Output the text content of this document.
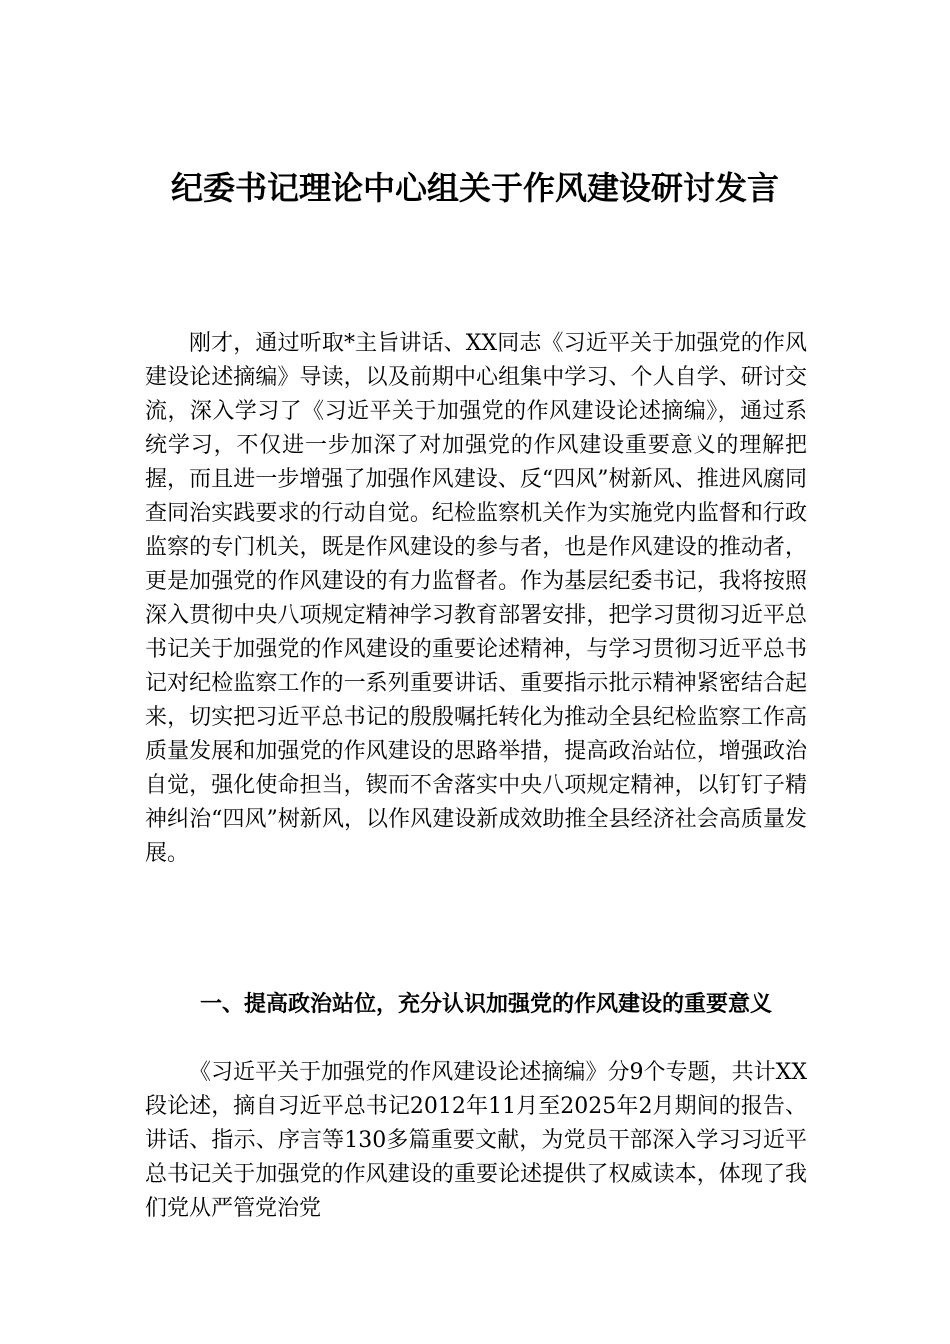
纪委书记理论中心组关于作风建设研讨发言

刚才，通过听取*主旨讲话、XX同志《习近平关于加强党的作风建设论述摘编》导读，以及前期中心组集中学习、个人自学、研讨交流，深入学习了《习近平关于加强党的作风建设论述摘编》，通过系统学习，不仅进一步加深了对加强党的作风建设重要意义的理解把握，而且进一步增强了加强作风建设、反“四风”树新风、推进风腐同查同治实践要求的行动自觉。纪检监察机关作为实施党内监督和行政监察的专门机关，既是作风建设的参与者，也是作风建设的推动者，更是加强党的作风建设的有力监督者。作为基层纪委书记，我将按照深入贯彻中央八项规定精神学习教育部署安排，把学习贯彻习近平总书记关于加强党的作风建设的重要论述精神，与学习贯彻习近平总书记对纪检监察工作的一系列重要讲话、重要指示批示精神紧密结合起来，切实把习近平总书记的殷殷嘱托转化为推动全县纪检监察工作高质量发展和加强党的作风建设的思路举措，提高政治站位，增强政治自觉，强化使命担当，锲而不舍落实中央八项规定精神，以钉钉子精神纠治“四风”树新风，以作风建设新成效助推全县经济社会高质量发展。

一、提高政治站位，充分认识加强党的作风建设的重要意义

《习近平关于加强党的作风建设论述摘编》分9个专题，共计XX段论述，摘自习近平总书记2012年11月至2025年2月期间的报告、讲话、指示、序言等130多篇重要文献，为党员干部深入学习习近平总书记关于加强党的作风建设的重要论述提供了权威读本，体现了我们党从严管党治党
